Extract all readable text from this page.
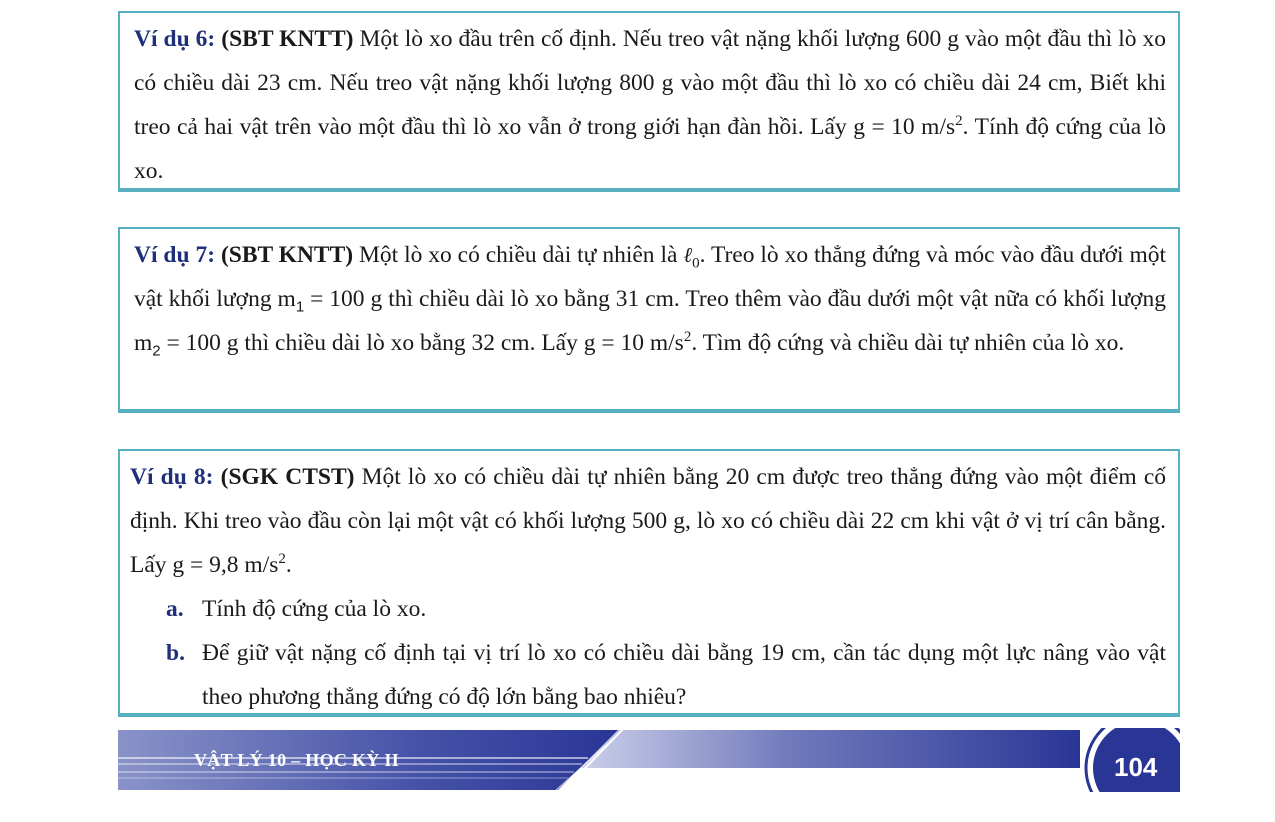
Ví dụ 6: (SBT KNTT) Một lò xo đầu trên cố định. Nếu treo vật nặng khối lượng 600 g vào một đầu thì lò xo có chiều dài 23 cm. Nếu treo vật nặng khối lượng 800 g vào một đầu thì lò xo có chiều dài 24 cm, Biết khi treo cả hai vật trên vào một đầu thì lò xo vẫn ở trong giới hạn đàn hồi. Lấy g = 10 $m/s^2$. Tính độ cứng của lò xo.

Ví dụ 7: (SBT KNTT) Một lò xo có chiều dài tự nhiên là ℓ$_0$. Treo lò xo thẳng đứng và móc vào đầu dưới một vật khối lượng $m_1 = 100$ g thì chiều dài lò xo bằng 31 cm. Treo thêm vào đầu dưới một vật nữa có khối lượng $m_2 = 100$ g thì chiều dài lò xo bằng 32 cm. Lấy g = 10 $m/s^2$. Tìm độ cứng và chiều dài tự nhiên của lò xo.

Ví dụ 8: (SGK CTST) Một lò xo có chiều dài tự nhiên bằng 20 cm được treo thẳng đứng vào một điểm cố định. Khi treo vào đầu còn lại một vật có khối lượng 500 g, lò xo có chiều dài 22 cm khi vật ở vị trí cân bằng. Lấy g = 9,8 $m/s^2$.

a. Tính độ cứng của lò xo.
b. Để giữ vật nặng cố định tại vị trí lò xo có chiều dài bằng 19 cm, cần tác dụng một lực nâng vào vật theo phương thẳng đứng có độ lớn bằng bao nhiêu?
VẬT LÝ 10 – HỌC KỲ II	104
